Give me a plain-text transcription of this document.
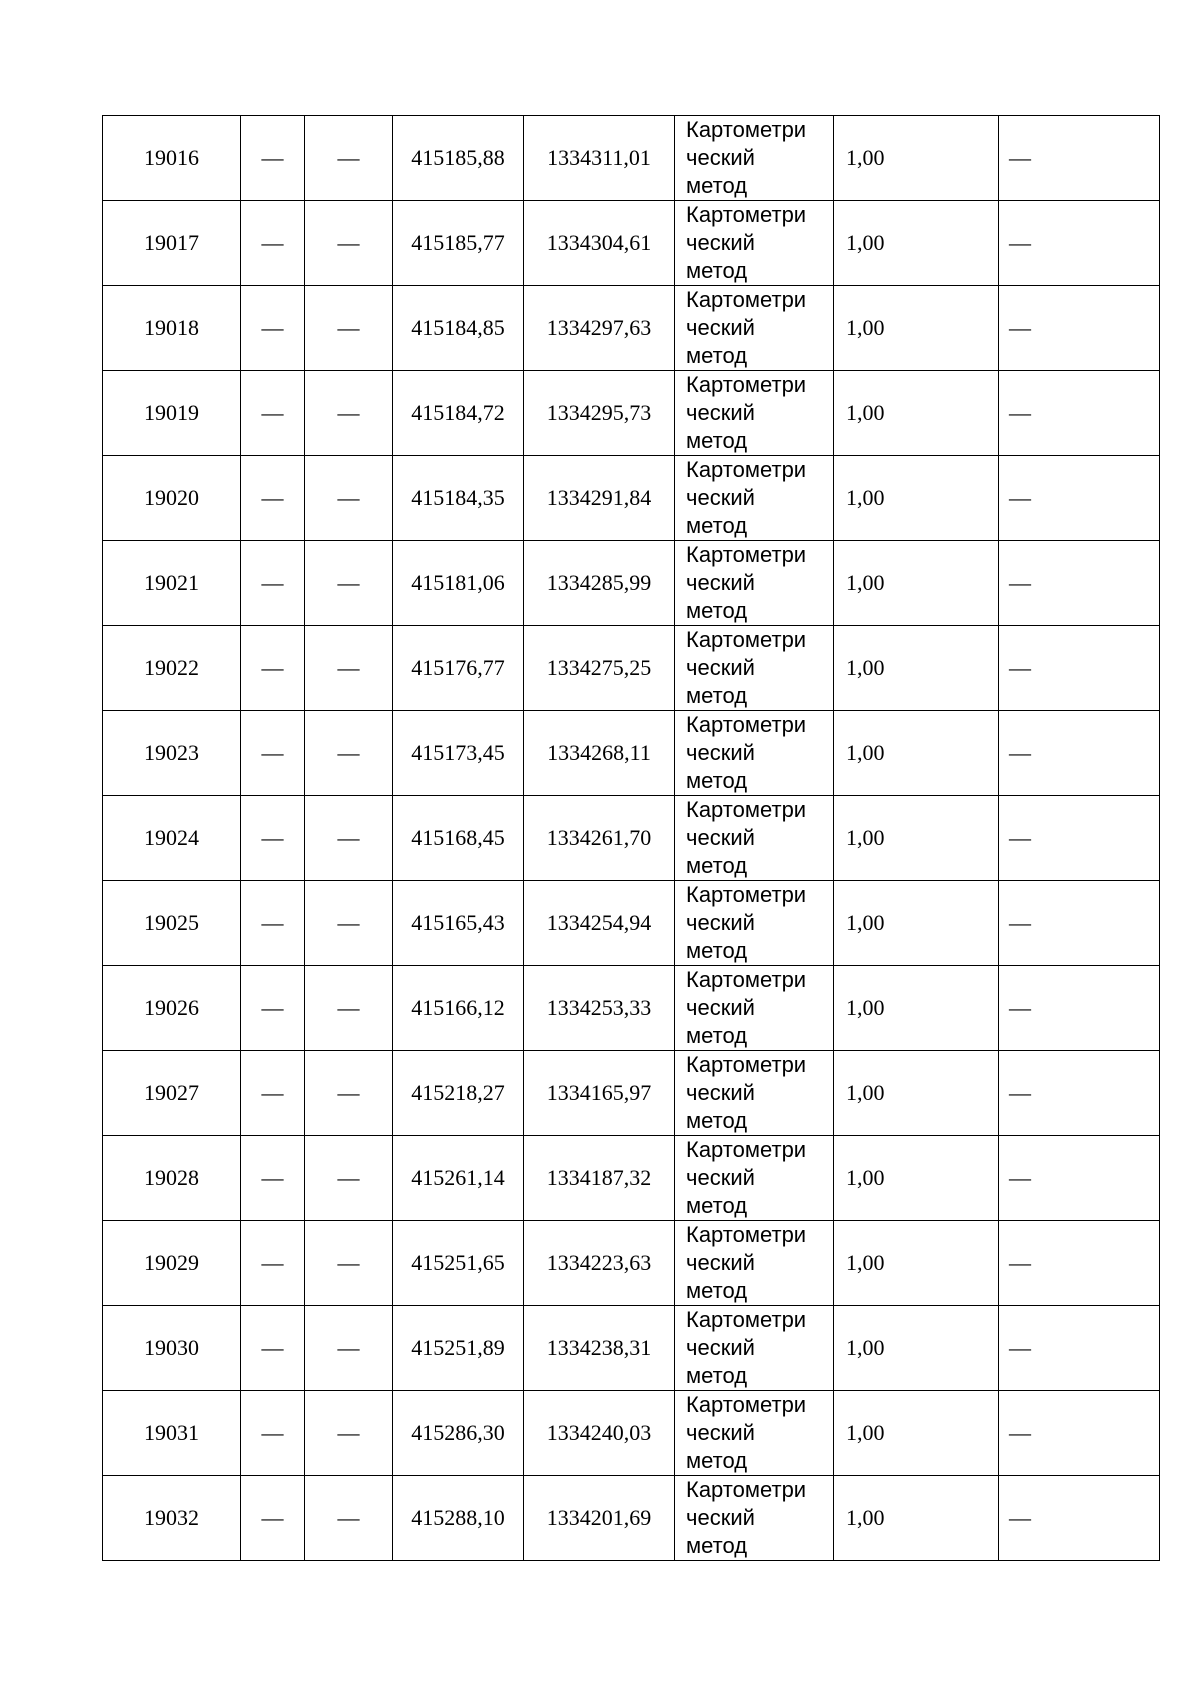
19016	—	—	415185,88	1334311,01	Картометри
ческий
метод	1,00	—
19017	—	—	415185,77	1334304,61	Картометри
ческий
метод	1,00	—
19018	—	—	415184,85	1334297,63	Картометри
ческий
метод	1,00	—
19019	—	—	415184,72	1334295,73	Картометри
ческий
метод	1,00	—
19020	—	—	415184,35	1334291,84	Картометри
ческий
метод	1,00	—
19021	—	—	415181,06	1334285,99	Картометри
ческий
метод	1,00	—
19022	—	—	415176,77	1334275,25	Картометри
ческий
метод	1,00	—
19023	—	—	415173,45	1334268,11	Картометри
ческий
метод	1,00	—
19024	—	—	415168,45	1334261,70	Картометри
ческий
метод	1,00	—
19025	—	—	415165,43	1334254,94	Картометри
ческий
метод	1,00	—
19026	—	—	415166,12	1334253,33	Картометри
ческий
метод	1,00	—
19027	—	—	415218,27	1334165,97	Картометри
ческий
метод	1,00	—
19028	—	—	415261,14	1334187,32	Картометри
ческий
метод	1,00	—
19029	—	—	415251,65	1334223,63	Картометри
ческий
метод	1,00	—
19030	—	—	415251,89	1334238,31	Картометри
ческий
метод	1,00	—
19031	—	—	415286,30	1334240,03	Картометри
ческий
метод	1,00	—
19032	—	—	415288,10	1334201,69	Картометри
ческий
метод	1,00	—
